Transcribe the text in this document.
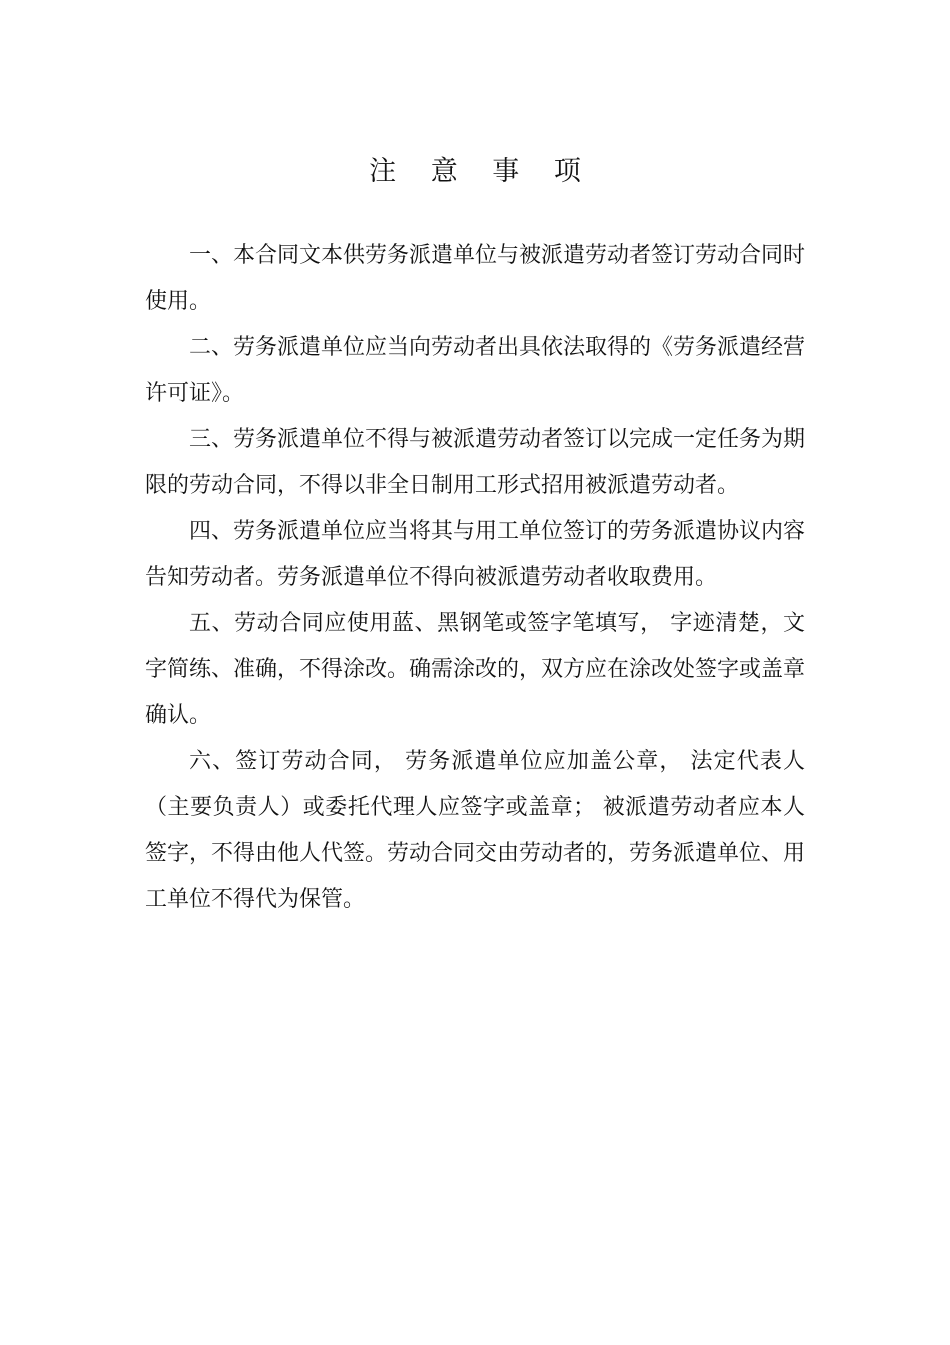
注 意 事 项

一、本合同文本供劳务派遣单位与被派遣劳动者签订劳动合同时使用。

二、劳务派遣单位应当向劳动者出具依法取得的《劳务派遣经营许可证》。

三、劳务派遣单位不得与被派遣劳动者签订以完成一定任务为期限的劳动合同，不得以非全日制用工形式招用被派遣劳动者。

四、劳务派遣单位应当将其与用工单位签订的劳务派遣协议内容告知劳动者。劳务派遣单位不得向被派遣劳动者收取费用。

五、劳动合同应使用蓝、黑钢笔或签字笔填写， 字迹清楚，文字简练、准确，不得涂改。确需涂改的，双方应在涂改处签字或盖章确认。

六、签订劳动合同， 劳务派遣单位应加盖公章， 法定代表人（主要负责人）或委托代理人应签字或盖章； 被派遣劳动者应本人签字，不得由他人代签。劳动合同交由劳动者的，劳务派遣单位、用工单位不得代为保管。
